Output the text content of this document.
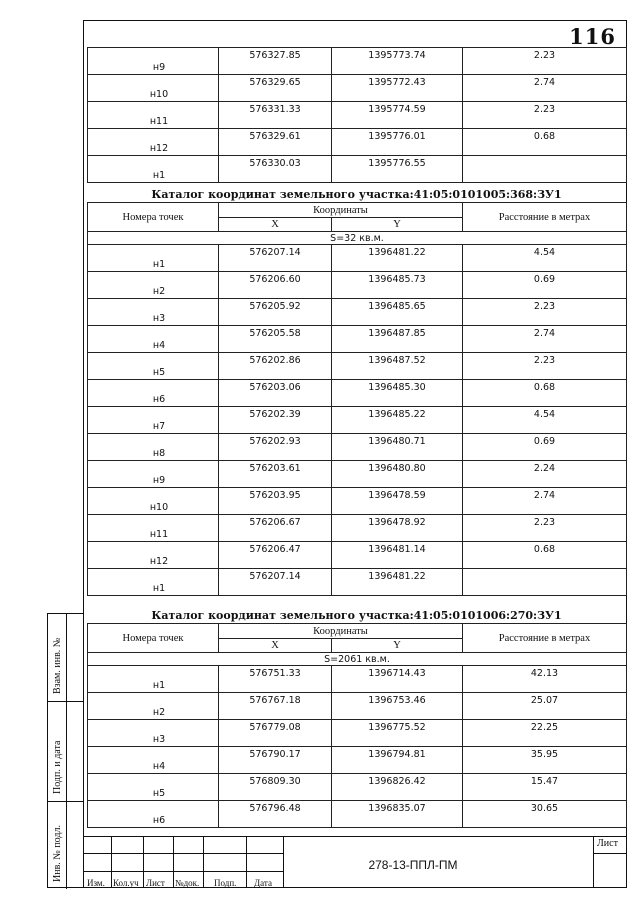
116
н9	576327.85	1395773.74	2.23
н10	576329.65	1395772.43	2.74
н11	576331.33	1395774.59	2.23
н12	576329.61	1395776.01	0.68
н1	576330.03	1395776.55	
Каталог координат земельного участка:41:05:0101005:368:ЗУ1
Номера точек	Координаты		Расстояние в метрах
	X	Y	
S=32 кв.м.			
н1	576207.14	1396481.22	4.54
н2	576206.60	1396485.73	0.69
н3	576205.92	1396485.65	2.23
н4	576205.58	1396487.85	2.74
н5	576202.86	1396487.52	2.23
н6	576203.06	1396485.30	0.68
н7	576202.39	1396485.22	4.54
н8	576202.93	1396480.71	0.69
н9	576203.61	1396480.80	2.24
н10	576203.95	1396478.59	2.74
н11	576206.67	1396478.92	2.23
н12	576206.47	1396481.14	0.68
н1	576207.14	1396481.22	
Каталог координат земельного участка:41:05:0101006:270:ЗУ1
Номера точек	Координаты		Расстояние в метрах
	X	Y	
S=2061 кв.м.			
н1	576751.33	1396714.43	42.13
н2	576767.18	1396753.46	25.07
н3	576779.08	1396775.52	22.25
н4	576790.17	1396794.81	35.95
н5	576809.30	1396826.42	15.47
н6	576796.48	1396835.07	30.65
Взам. инв. №
Подп. и дата
Инв. № подл.
Изм. Кол.уч Лист №док. Подп. Дата
278-13-ППЛ-ПМ
Лист
